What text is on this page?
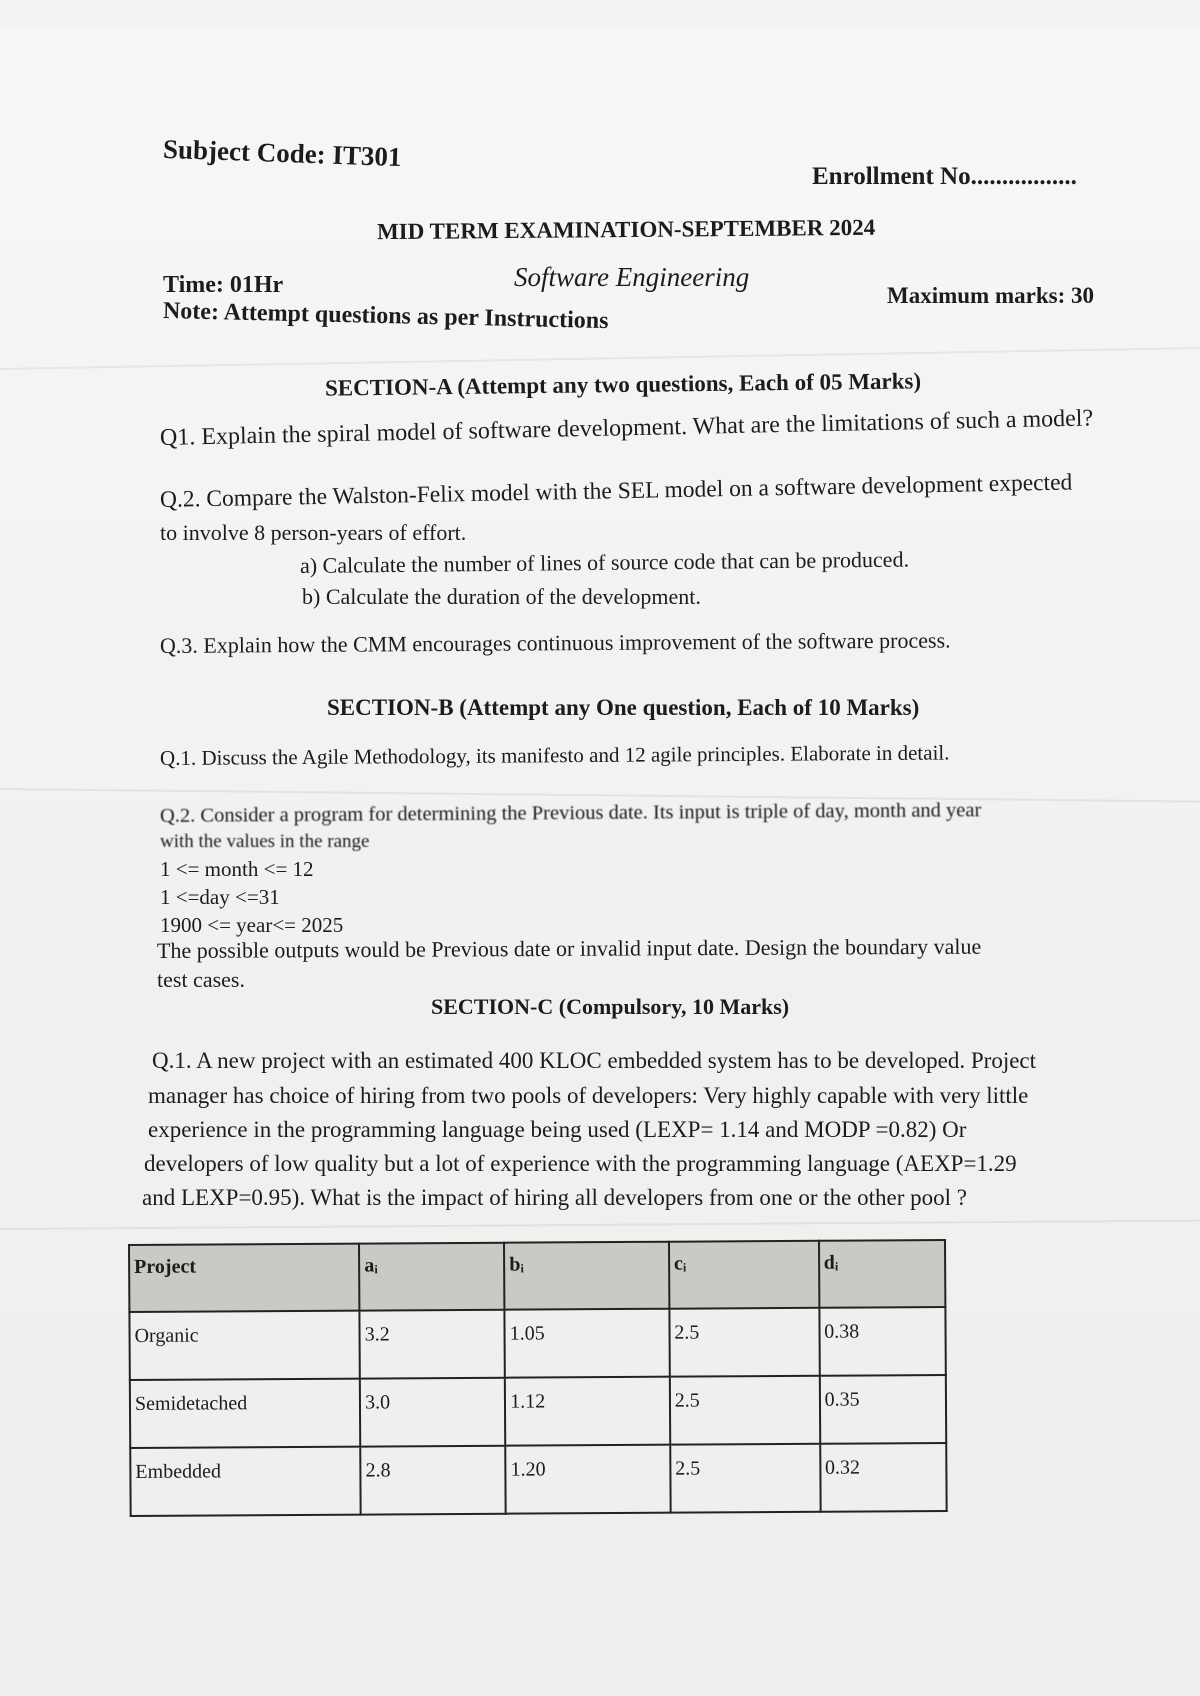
Subject Code: IT301
Enrollment No.................
MID TERM EXAMINATION-SEPTEMBER 2024
Software Engineering
Time: 01Hr	Maximum marks: 30
Note: Attempt questions as per Instructions
SECTION-A (Attempt any two questions, Each of 05 Marks)
Q1. Explain the spiral model of software development. What are the limitations of such a model?
Q.2. Compare the Walston-Felix model with the SEL model on a software development expected
to involve 8 person-years of effort.
a) Calculate the number of lines of source code that can be produced.
b) Calculate the duration of the development.
Q.3. Explain how the CMM encourages continuous improvement of the software process.
SECTION-B (Attempt any One question, Each of 10 Marks)
Q.1. Discuss the Agile Methodology, its manifesto and 12 agile principles. Elaborate in detail.
Q.2. Consider a program for determining the Previous date. Its input is triple of day, month and year
with the values in the range
1 <= month <= 12
1 <=day <=31
1900 <= year<= 2025
The possible outputs would be Previous date or invalid input date. Design the boundary value
test cases.
SECTION-C (Compulsory, 10 Marks)
Q.1. A new project with an estimated 400 KLOC embedded system has to be developed. Project
manager has choice of hiring from two pools of developers: Very highly capable with very little
experience in the programming language being used (LEXP= 1.14 and MODP =0.82) Or
developers of low quality but a lot of experience with the programming language (AEXP=1.29
and LEXP=0.95). What is the impact of hiring all developers from one or the other pool ?
Project	aᵢ	bᵢ	cᵢ	dᵢ
Organic	3.2	1.05	2.5	0.38
Semidetached	3.0	1.12	2.5	0.35
Embedded	2.8	1.20	2.5	0.32
